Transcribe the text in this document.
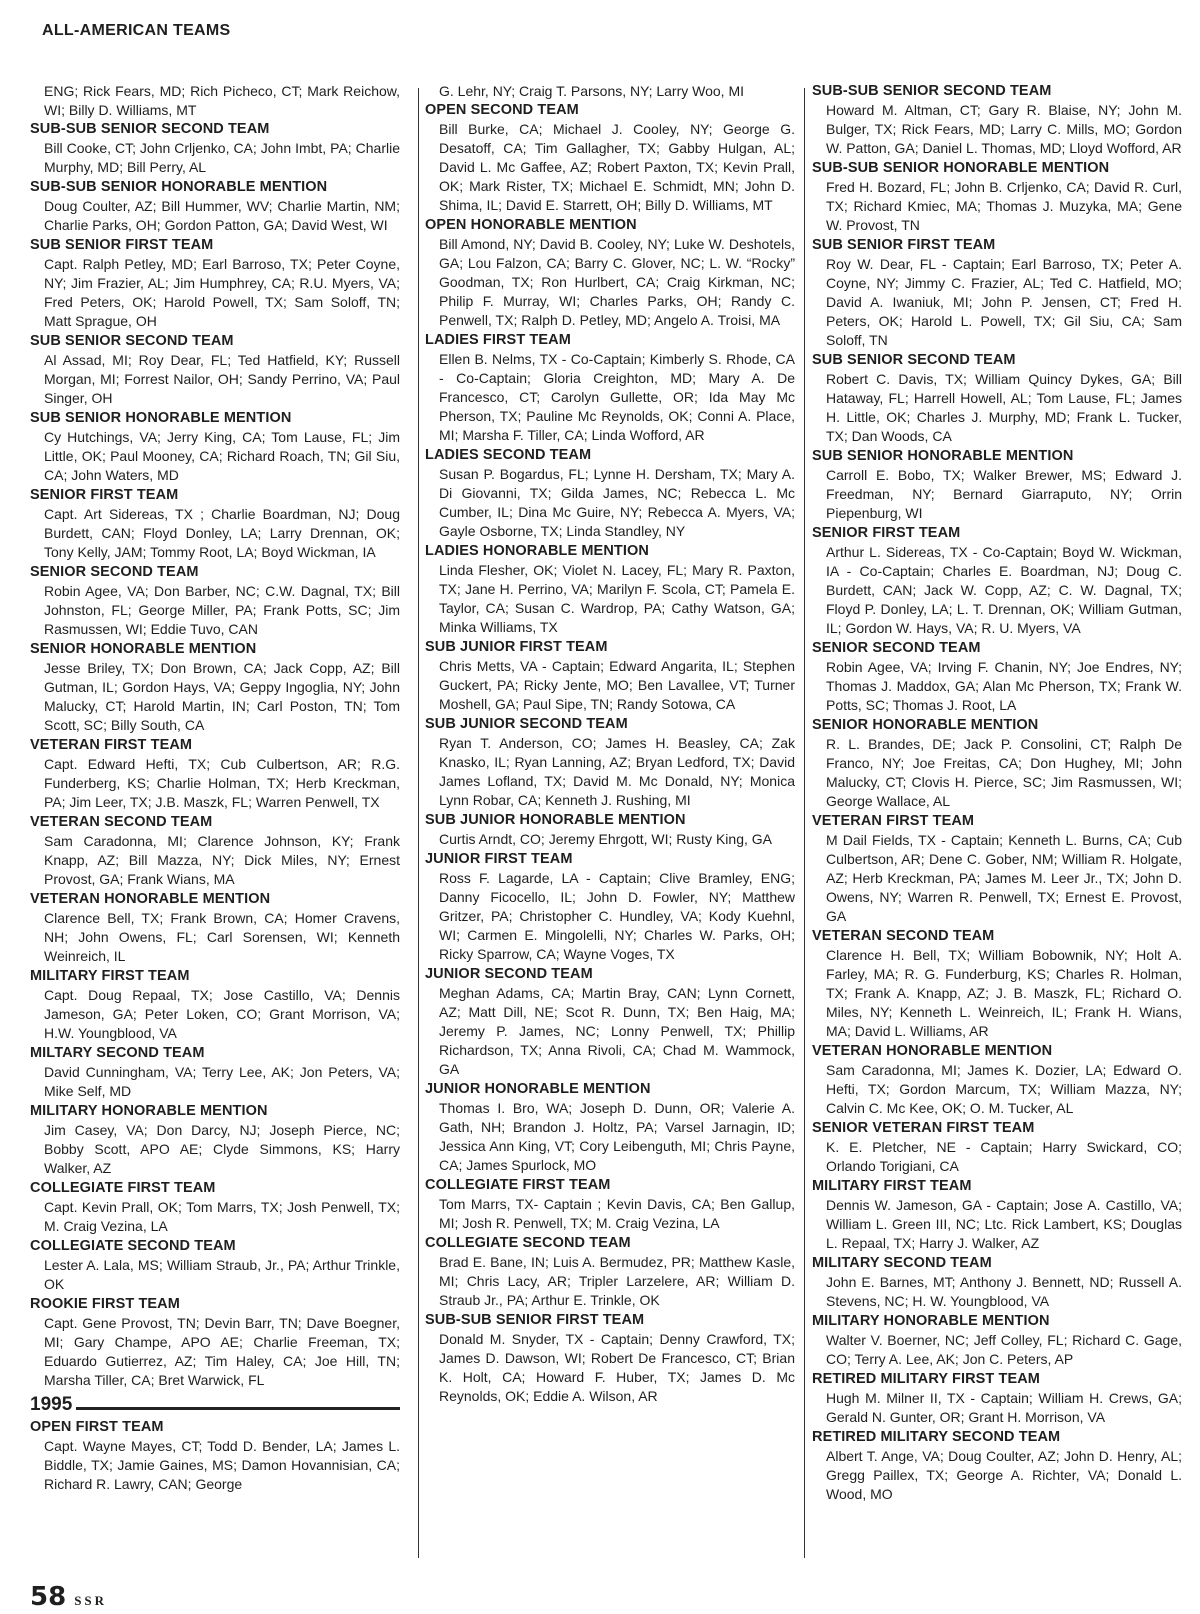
ALL-AMERICAN TEAMS
ENG; Rick Fears, MD; Rich Picheco, CT; Mark Reichow, WI; Billy D. Williams, MT
SUB-SUB SENIOR SECOND TEAM
Bill Cooke, CT; John Crljenko, CA; John Imbt, PA; Charlie Murphy, MD; Bill Perry, AL
SUB-SUB SENIOR HONORABLE MENTION
Doug Coulter, AZ; Bill Hummer, WV; Charlie Martin, NM; Charlie Parks, OH; Gordon Patton, GA; David West, WI
SUB SENIOR FIRST TEAM
Capt. Ralph Petley, MD; Earl Barroso, TX; Peter Coyne, NY; Jim Frazier, AL; Jim Humphrey, CA; R.U. Myers, VA; Fred Peters, OK; Harold Powell, TX; Sam Soloff, TN; Matt Sprague, OH
SUB SENIOR SECOND TEAM
Al Assad, MI; Roy Dear, FL; Ted Hatfield, KY; Russell Morgan, MI; Forrest Nailor, OH; Sandy Perrino, VA; Paul Singer, OH
SUB SENIOR HONORABLE MENTION
Cy Hutchings, VA; Jerry King, CA; Tom Lause, FL; Jim Little, OK; Paul Mooney, CA; Richard Roach, TN; Gil Siu, CA; John Waters, MD
SENIOR FIRST TEAM
Capt. Art Sidereas, TX ; Charlie Boardman, NJ; Doug Burdett, CAN; Floyd Donley, LA; Larry Drennan, OK; Tony Kelly, JAM; Tommy Root, LA; Boyd Wickman, IA
SENIOR SECOND TEAM
Robin Agee, VA; Don Barber, NC; C.W. Dagnal, TX; Bill Johnston, FL; George Miller, PA; Frank Potts, SC; Jim Rasmussen, WI; Eddie Tuvo, CAN
SENIOR HONORABLE MENTION
Jesse Briley, TX; Don Brown, CA; Jack Copp, AZ; Bill Gutman, IL; Gordon Hays, VA; Geppy Ingoglia, NY; John Malucky, CT; Harold Martin, IN; Carl Poston, TN; Tom Scott, SC; Billy South, CA
VETERAN FIRST TEAM
Capt. Edward Hefti, TX; Cub Culbertson, AR; R.G. Funderberg, KS; Charlie Holman, TX; Herb Kreckman, PA; Jim Leer, TX; J.B. Maszk, FL; Warren Penwell, TX
VETERAN SECOND TEAM
Sam Caradonna, MI; Clarence Johnson, KY; Frank Knapp, AZ; Bill Mazza, NY; Dick Miles, NY; Ernest Provost, GA; Frank Wians, MA
VETERAN HONORABLE MENTION
Clarence Bell, TX; Frank Brown, CA; Homer Cravens, NH; John Owens, FL; Carl Sorensen, WI; Kenneth Weinreich, IL
MILITARY FIRST TEAM
Capt. Doug Repaal, TX; Jose Castillo, VA; Dennis Jameson, GA; Peter Loken, CO; Grant Morrison, VA; H.W. Youngblood, VA
MILTARY SECOND TEAM
David Cunningham, VA; Terry Lee, AK; Jon Peters, VA; Mike Self, MD
MILITARY HONORABLE MENTION
Jim Casey, VA; Don Darcy, NJ; Joseph Pierce, NC; Bobby Scott, APO AE; Clyde Simmons, KS; Harry Walker, AZ
COLLEGIATE FIRST TEAM
Capt. Kevin Prall, OK; Tom Marrs, TX; Josh Penwell, TX; M. Craig Vezina, LA
COLLEGIATE SECOND TEAM
Lester A. Lala, MS; William Straub, Jr., PA; Arthur Trinkle, OK
ROOKIE FIRST TEAM
Capt. Gene Provost, TN; Devin Barr, TN; Dave Boegner, MI; Gary Champe, APO AE; Charlie Freeman, TX; Eduardo Gutierrez, AZ; Tim Haley, CA; Joe Hill, TN; Marsha Tiller, CA; Bret Warwick, FL
1995
OPEN FIRST TEAM
Capt. Wayne Mayes, CT; Todd D. Bender, LA; James L. Biddle, TX; Jamie Gaines, MS; Damon Hovannisian, CA; Richard R. Lawry, CAN; George
G. Lehr, NY; Craig T. Parsons, NY; Larry Woo, MI
OPEN SECOND TEAM
Bill Burke, CA; Michael J. Cooley, NY; George G. Desatoff, CA; Tim Gallagher, TX; Gabby Hulgan, AL; David L. Mc Gaffee, AZ; Robert Paxton, TX; Kevin Prall, OK; Mark Rister, TX; Michael E. Schmidt, MN; John D. Shima, IL; David E. Starrett, OH; Billy D. Williams, MT
OPEN HONORABLE MENTION
Bill Amond, NY; David B. Cooley, NY; Luke W. Deshotels, GA; Lou Falzon, CA; Barry C. Glover, NC; L. W. “Rocky” Goodman, TX; Ron Hurlbert, CA; Craig Kirkman, NC; Philip F. Murray, WI; Charles Parks, OH; Randy C. Penwell, TX; Ralph D. Petley, MD; Angelo A. Troisi, MA
LADIES FIRST TEAM
Ellen B. Nelms, TX - Co-Captain; Kimberly S. Rhode, CA - Co-Captain; Gloria Creighton, MD; Mary A. De Francesco, CT; Carolyn Gullette, OR; Ida May Mc Pherson, TX; Pauline Mc Reynolds, OK; Conni A. Place, MI; Marsha F. Tiller, CA; Linda Wofford, AR
LADIES SECOND TEAM
Susan P. Bogardus, FL; Lynne H. Dersham, TX; Mary A. Di Giovanni, TX; Gilda James, NC; Rebecca L. Mc Cumber, IL; Dina Mc Guire, NY; Rebecca A. Myers, VA; Gayle Osborne, TX; Linda Standley, NY
LADIES HONORABLE MENTION
Linda Flesher, OK; Violet N. Lacey, FL; Mary R. Paxton, TX; Jane H. Perrino, VA; Marilyn F. Scola, CT; Pamela E. Taylor, CA; Susan C. Wardrop, PA; Cathy Watson, GA; Minka Williams, TX
SUB JUNIOR FIRST TEAM
Chris Metts, VA - Captain; Edward Angarita, IL; Stephen Guckert, PA; Ricky Jente, MO; Ben Lavallee, VT; Turner Moshell, GA; Paul Sipe, TN; Randy Sotowa, CA
SUB JUNIOR SECOND TEAM
Ryan T. Anderson, CO; James H. Beasley, CA; Zak Knasko, IL; Ryan Lanning, AZ; Bryan Ledford, TX; David James Lofland, TX; David M. Mc Donald, NY; Monica Lynn Robar, CA; Kenneth J. Rushing, MI
SUB JUNIOR HONORABLE MENTION
Curtis Arndt, CO; Jeremy Ehrgott, WI; Rusty King, GA
JUNIOR FIRST TEAM
Ross F. Lagarde, LA - Captain; Clive Bramley, ENG; Danny Ficocello, IL; John D. Fowler, NY; Matthew Gritzer, PA; Christopher C. Hundley, VA; Kody Kuehnl, WI; Carmen E. Mingolelli, NY; Charles W. Parks, OH; Ricky Sparrow, CA; Wayne Voges, TX
JUNIOR SECOND TEAM
Meghan Adams, CA; Martin Bray, CAN; Lynn Cornett, AZ; Matt Dill, NE; Scot R. Dunn, TX; Ben Haig, MA; Jeremy P. James, NC; Lonny Penwell, TX; Phillip Richardson, TX; Anna Rivoli, CA; Chad M. Wammock, GA
JUNIOR HONORABLE MENTION
Thomas I. Bro, WA; Joseph D. Dunn, OR; Valerie A. Gath, NH; Brandon J. Holtz, PA; Varsel Jarnagin, ID; Jessica Ann King, VT; Cory Leibenguth, MI; Chris Payne, CA; James Spurlock, MO
COLLEGIATE FIRST TEAM
Tom Marrs, TX- Captain ; Kevin Davis, CA; Ben Gallup, MI; Josh R. Penwell, TX; M. Craig Vezina, LA
COLLEGIATE SECOND TEAM
Brad E. Bane, IN; Luis A. Bermudez, PR; Matthew Kasle, MI; Chris Lacy, AR; Tripler Larzelere, AR; William D. Straub Jr., PA; Arthur E. Trinkle, OK
SUB-SUB SENIOR FIRST TEAM
Donald M. Snyder, TX - Captain; Denny Crawford, TX; James D. Dawson, WI; Robert De Francesco, CT; Brian K. Holt, CA; Howard F. Huber, TX; James D. Mc Reynolds, OK; Eddie A. Wilson, AR
SUB-SUB SENIOR SECOND TEAM
Howard M. Altman, CT; Gary R. Blaise, NY; John M. Bulger, TX; Rick Fears, MD; Larry C. Mills, MO; Gordon W. Patton, GA; Daniel L. Thomas, MD; Lloyd Wofford, AR
SUB-SUB SENIOR HONORABLE MENTION
Fred H. Bozard, FL; John B. Crljenko, CA; David R. Curl, TX; Richard Kmiec, MA; Thomas J. Muzyka, MA; Gene W. Provost, TN
SUB SENIOR FIRST TEAM
Roy W. Dear, FL - Captain; Earl Barroso, TX; Peter A. Coyne, NY; Jimmy C. Frazier, AL; Ted C. Hatfield, MO; David A. Iwaniuk, MI; John P. Jensen, CT; Fred H. Peters, OK; Harold L. Powell, TX; Gil Siu, CA; Sam Soloff, TN
SUB SENIOR SECOND TEAM
Robert C. Davis, TX; William Quincy Dykes, GA; Bill Hataway, FL; Harrell Howell, AL; Tom Lause, FL; James H. Little, OK; Charles J. Murphy, MD; Frank L. Tucker, TX; Dan Woods, CA
SUB SENIOR HONORABLE MENTION
Carroll E. Bobo, TX; Walker Brewer, MS; Edward J. Freedman, NY; Bernard Giarraputo, NY; Orrin Piepenburg, WI
SENIOR FIRST TEAM
Arthur L. Sidereas, TX - Co-Captain; Boyd W. Wickman, IA - Co-Captain; Charles E. Boardman, NJ; Doug C. Burdett, CAN; Jack W. Copp, AZ; C. W. Dagnal, TX; Floyd P. Donley, LA; L. T. Drennan, OK; William Gutman, IL; Gordon W. Hays, VA; R. U. Myers, VA
SENIOR SECOND TEAM
Robin Agee, VA; Irving F. Chanin, NY; Joe Endres, NY; Thomas J. Maddox, GA; Alan Mc Pherson, TX; Frank W. Potts, SC; Thomas J. Root, LA
SENIOR HONORABLE MENTION
R. L. Brandes, DE; Jack P. Consolini, CT; Ralph De Franco, NY; Joe Freitas, CA; Don Hughey, MI; John Malucky, CT; Clovis H. Pierce, SC; Jim Rasmussen, WI; George Wallace, AL
VETERAN FIRST TEAM
M Dail Fields, TX - Captain; Kenneth L. Burns, CA; Cub Culbertson, AR; Dene C. Gober, NM; William R. Holgate, AZ; Herb Kreckman, PA; James M. Leer Jr., TX; John D. Owens, NY; Warren R. Penwell, TX; Ernest E. Provost, GA
VETERAN SECOND TEAM
Clarence H. Bell, TX; William Bobownik, NY; Holt A. Farley, MA; R. G. Funderburg, KS; Charles R. Holman, TX; Frank A. Knapp, AZ; J. B. Maszk, FL; Richard O. Miles, NY; Kenneth L. Weinreich, IL; Frank H. Wians, MA; David L. Williams, AR
VETERAN HONORABLE MENTION
Sam Caradonna, MI; James K. Dozier, LA; Edward O. Hefti, TX; Gordon Marcum, TX; William Mazza, NY; Calvin C. Mc Kee, OK; O. M. Tucker, AL
SENIOR VETERAN FIRST TEAM
K. E. Pletcher, NE - Captain; Harry Swickard, CO; Orlando Torigiani, CA
MILITARY FIRST TEAM
Dennis W. Jameson, GA - Captain; Jose A. Castillo, VA; William L. Green III, NC; Ltc. Rick Lambert, KS; Douglas L. Repaal, TX; Harry J. Walker, AZ
MILITARY SECOND TEAM
John E. Barnes, MT; Anthony J. Bennett, ND; Russell A. Stevens, NC; H. W. Youngblood, VA
MILITARY HONORABLE MENTION
Walter V. Boerner, NC; Jeff Colley, FL; Richard C. Gage, CO; Terry A. Lee, AK; Jon C. Peters, AP
RETIRED MILITARY FIRST TEAM
Hugh M. Milner II, TX - Captain; William H. Crews, GA; Gerald N. Gunter, OR; Grant H. Morrison, VA
RETIRED MILITARY SECOND TEAM
Albert T. Ange, VA; Doug Coulter, AZ; John D. Henry, AL; Gregg Paillex, TX; George A. Richter, VA; Donald L. Wood, MO
58 SSR
